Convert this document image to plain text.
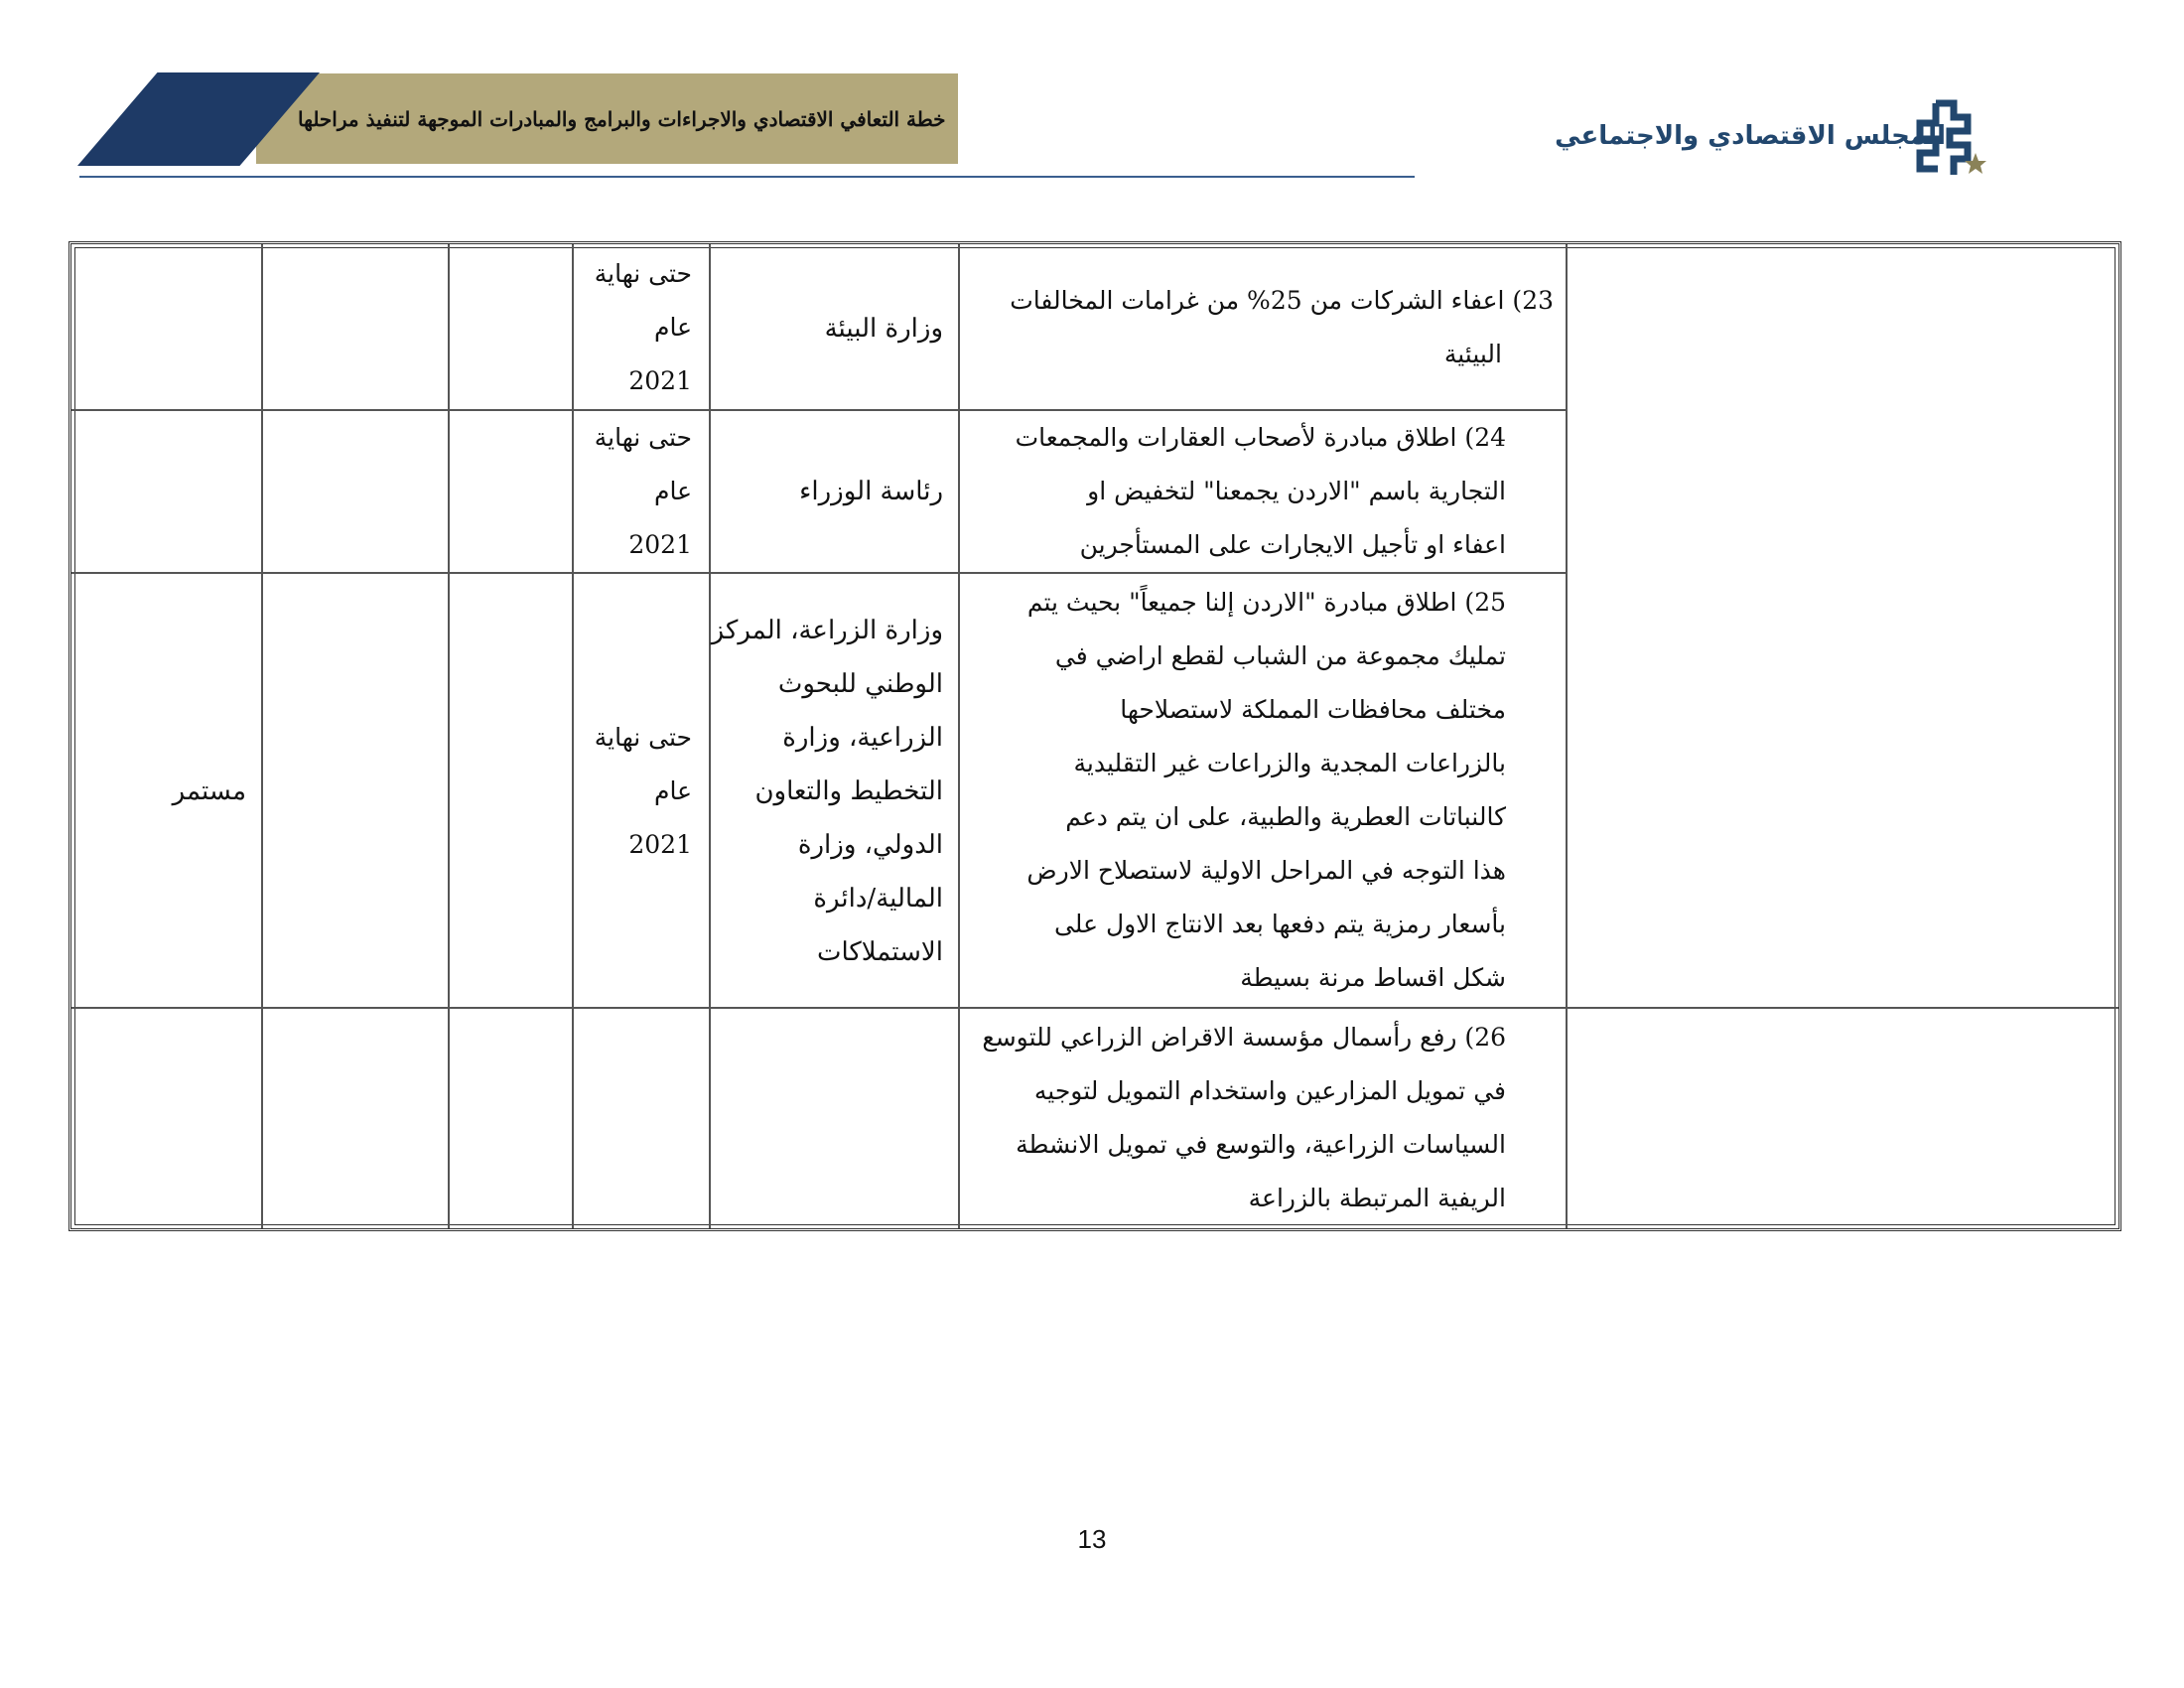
خطة التعافي الاقتصادي والاجراءات والبرامج والمبادرات الموجهة لتنفيذ مراحلها
المجلس الاقتصادي والاجتماعي
23) اعفاء الشركات من 25% من غرامات المخالفات
البيئية
وزارة البيئة
حتى نهاية
عام
2021
24) اطلاق مبادرة لأصحاب العقارات والمجمعات
التجارية باسم "الاردن يجمعنا" لتخفيض او
اعفاء او تأجيل الايجارات على المستأجرين
رئاسة الوزراء
حتى نهاية
عام
2021
25) اطلاق مبادرة "الاردن إلنا جميعاً" بحيث يتم
تمليك مجموعة من الشباب لقطع اراضي في
مختلف محافظات المملكة لاستصلاحها
بالزراعات المجدية والزراعات غير التقليدية
كالنباتات العطرية والطبية، على ان يتم دعم
هذا التوجه في المراحل الاولية لاستصلاح الارض
بأسعار رمزية يتم دفعها بعد الانتاج الاول على
شكل اقساط مرنة بسيطة
وزارة الزراعة، المركز
الوطني للبحوث
الزراعية، وزارة
التخطيط والتعاون
الدولي، وزارة
المالية/دائرة
الاستملاكات
حتى نهاية
عام
2021
مستمر
26) رفع رأسمال مؤسسة الاقراض الزراعي للتوسع
في تمويل المزارعين واستخدام التمويل لتوجيه
السياسات الزراعية، والتوسع في تمويل الانشطة
الريفية المرتبطة بالزراعة
13
